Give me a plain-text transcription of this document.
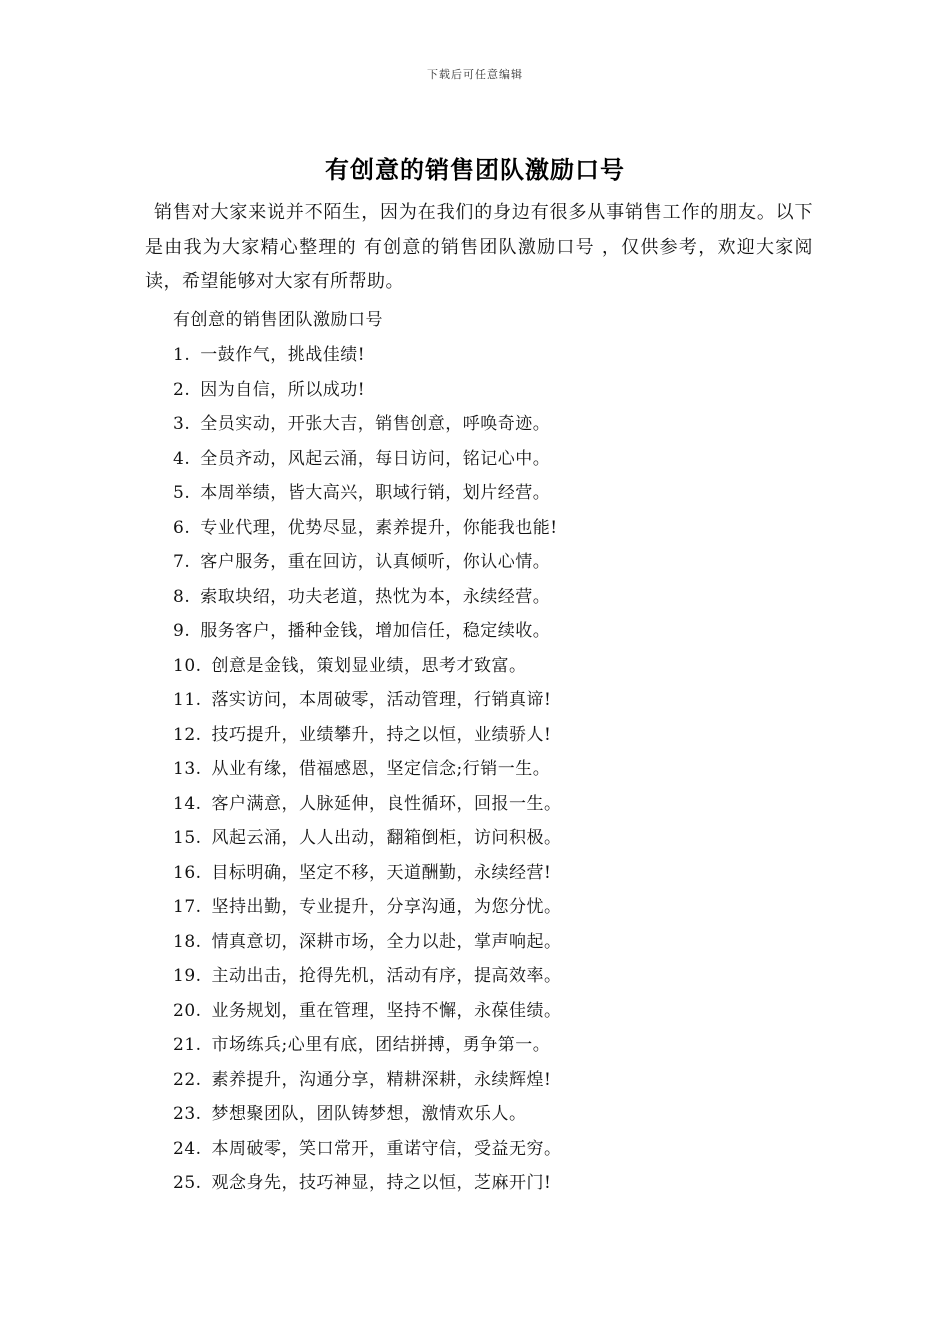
下载后可任意编辑
有创意的销售团队激励口号

销售对大家来说并不陌生，因为在我们的身边有很多从事销售工作的朋友。以下是由我为大家精心整理的 有创意的销售团队激励口号 ，仅供参考，欢迎大家阅读，希望能够对大家有所帮助。

有创意的销售团队激励口号

1. 一鼓作气，挑战佳绩!
2. 因为自信，所以成功!
3. 全员实动，开张大吉，销售创意，呼唤奇迹。
4. 全员齐动，风起云涌，每日访问，铭记心中。
5. 本周举绩，皆大高兴，职域行销，划片经营。
6. 专业代理，优势尽显，素养提升，你能我也能!
7. 客户服务，重在回访，认真倾听，你认心情。
8. 索取块绍，功夫老道，热忱为本，永续经营。
9. 服务客户，播种金钱，增加信任，稳定续收。
10. 创意是金钱，策划显业绩，思考才致富。
11. 落实访问，本周破零，活动管理，行销真谛!
12. 技巧提升，业绩攀升，持之以恒，业绩骄人!
13. 从业有缘，借福感恩，坚定信念;行销一生。
14. 客户满意，人脉延伸，良性循环，回报一生。
15. 风起云涌，人人出动，翻箱倒柜，访问积极。
16. 目标明确，坚定不移，天道酬勤，永续经营!
17. 坚持出勤，专业提升，分享沟通，为您分忧。
18. 情真意切，深耕市场，全力以赴，掌声响起。
19. 主动出击，抢得先机，活动有序，提高效率。
20. 业务规划，重在管理，坚持不懈，永葆佳绩。
21. 市场练兵;心里有底，团结拼搏，勇争第一。
22. 素养提升，沟通分享，精耕深耕，永续辉煌!
23. 梦想聚团队，团队铸梦想，激情欢乐人。
24. 本周破零，笑口常开，重诺守信，受益无穷。
25. 观念身先，技巧神显，持之以恒，芝麻开门!
